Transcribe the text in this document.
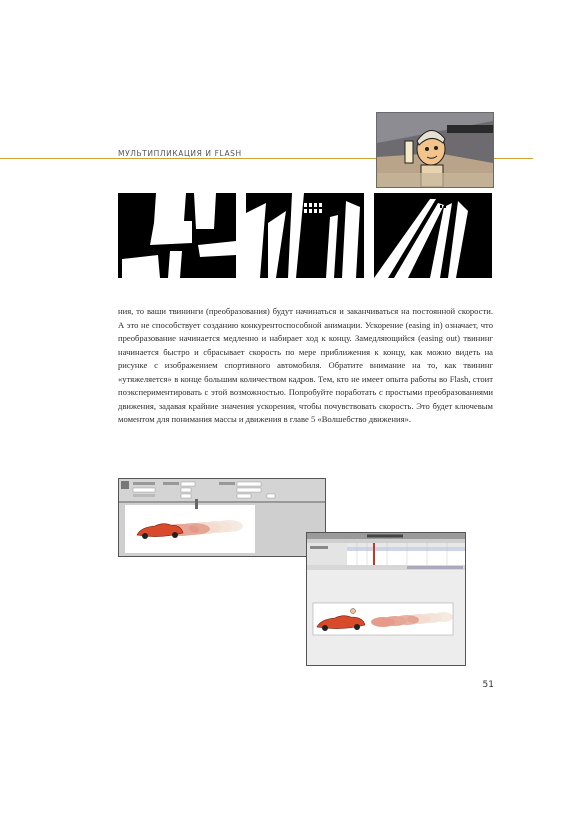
МУЛЬТИПЛИКАЦИЯ И FLASH
ния, то ваши твининги (преобразования) будут начинаться и заканчиваться на постоянной скорости. А это не способствует созданию конкурентоспособной анимации. Ускорение (easing in) означает, что преобразование начинается медленно и набирает ход к концу. Замедляющийся (easing out) твининг начинается быстро и сбрасывает скорость по мере приближения к концу, как можно видеть на рисунке с изображением спортивного автомобиля. Обратите внимание на то, как твининг «утяжеляется» в конце большим количеством кадров. Тем, кто не имеет опыта работы во Flash, стоит поэкспериментировать с этой возможностью. Попробуйте поработать с простыми преобразованиями движения, задавая крайние значения ускорения, чтобы почувствовать скорость. Это будет ключевым моментом для понимания массы и движения в главе 5 «Волшебство движения».
51
